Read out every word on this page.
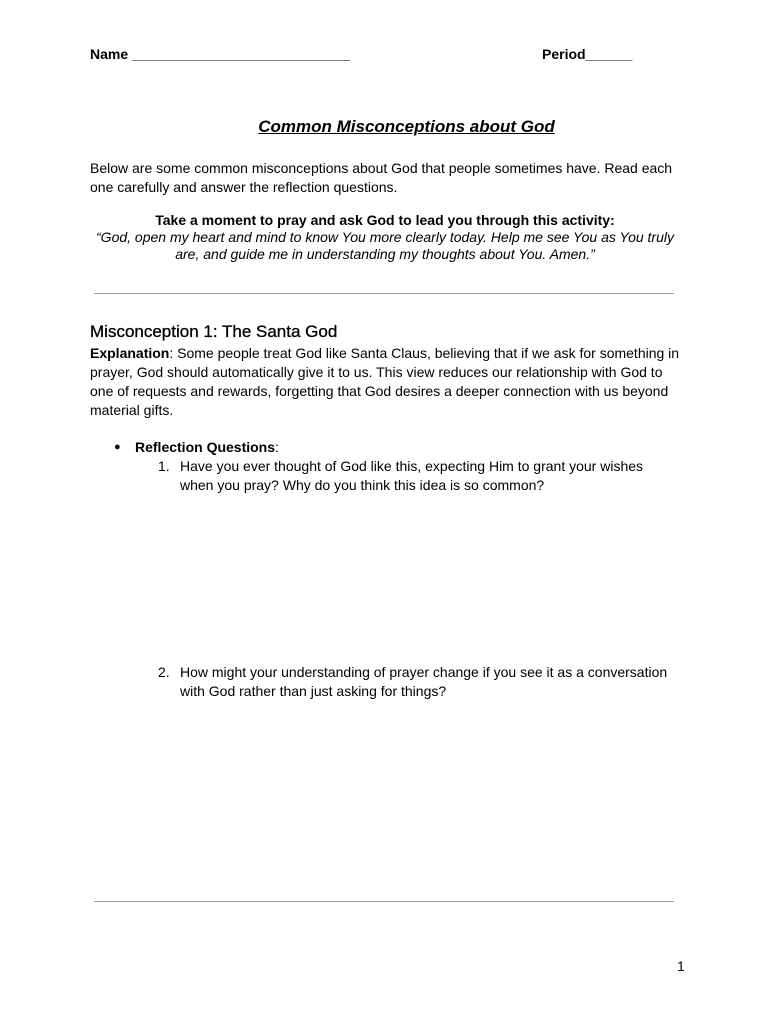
Name ____________________________	Period______
Common Misconceptions about God
Below are some common misconceptions about God that people sometimes have. Read each one carefully and answer the reflection questions.
Take a moment to pray and ask God to lead you through this activity:
“God, open my heart and mind to know You more clearly today. Help me see You as You truly are, and guide me in understanding my thoughts about You. Amen.”
Misconception 1: The Santa God
Explanation: Some people treat God like Santa Claus, believing that if we ask for something in prayer, God should automatically give it to us. This view reduces our relationship with God to one of requests and rewards, forgetting that God desires a deeper connection with us beyond material gifts.
● Reflection Questions:
1. Have you ever thought of God like this, expecting Him to grant your wishes when you pray? Why do you think this idea is so common?
2. How might your understanding of prayer change if you see it as a conversation with God rather than just asking for things?
1
